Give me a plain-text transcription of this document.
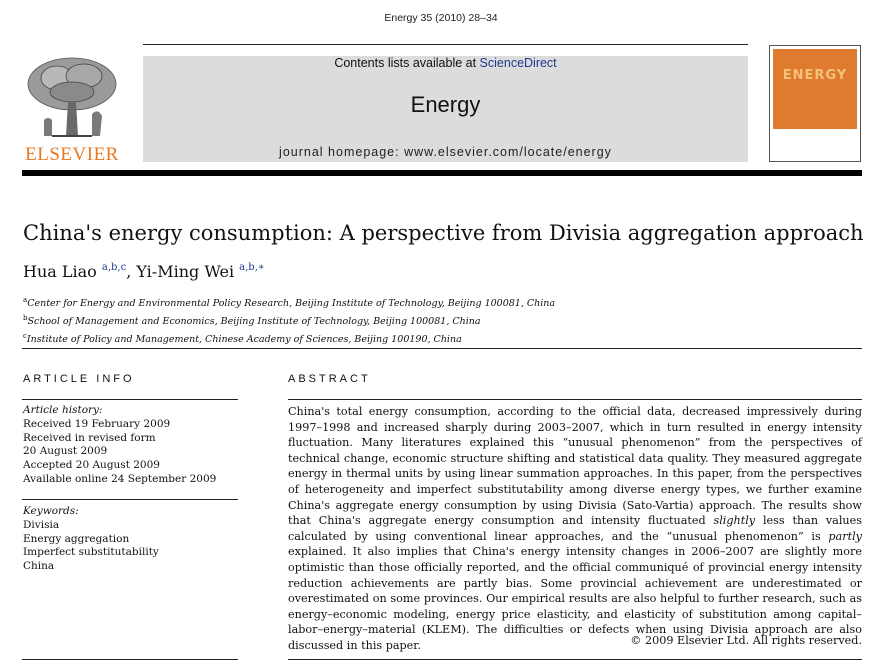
Energy 35 (2010) 28–34
ELSEVIER
Contents lists available at ScienceDirect
Energy
journal homepage: www.elsevier.com/locate/energy
ENERGY
China's energy consumption: A perspective from Divisia aggregation approach
Hua Liao $^{a,b,c}$, Yi-Ming Wei $^{a,b,∗}$
$^a$Center for Energy and Environmental Policy Research, Beijing Institute of Technology, Beijing 100081, China
$^b$School of Management and Economics, Beijing Institute of Technology, Beijing 100081, China
$^c$Institute of Policy and Management, Chinese Academy of Sciences, Beijing 100190, China
ARTICLE INFO	ABSTRACT
Article history:
Received 19 February 2009
Received in revised form
20 August 2009
Accepted 20 August 2009
Available online 24 September 2009
Keywords:
Divisia
Energy aggregation
Imperfect substitutability
China
China's total energy consumption, according to the official data, decreased impressively during 1997–1998 and increased sharply during 2003–2007, which in turn resulted in energy intensity fluctuation. Many literatures explained this “unusual phenomenon” from the perspectives of technical change, economic structure shifting and statistical data quality. They measured aggregate energy in thermal units by using linear summation approaches. In this paper, from the perspectives of heterogeneity and imperfect substitutability among diverse energy types, we further examine China's aggregate energy consumption by using Divisia (Sato-Vartia) approach. The results show that China's aggregate energy consumption and intensity fluctuated slightly less than values calculated by using conventional linear approaches, and the “unusual phenomenon” is partly explained. It also implies that China's energy intensity changes in 2006–2007 are slightly more optimistic than those officially reported, and the official communiqué of provincial energy intensity reduction achievements are partly bias. Some provincial achievement are underestimated or overestimated on some provinces. Our empirical results are also helpful to further research, such as energy–economic modeling, energy price elasticity, and elasticity of substitution among capital–labor–energy–material (KLEM). The difficulties or defects when using Divisia approach are also discussed in this paper.	© 2009 Elsevier Ltd. All rights reserved.
